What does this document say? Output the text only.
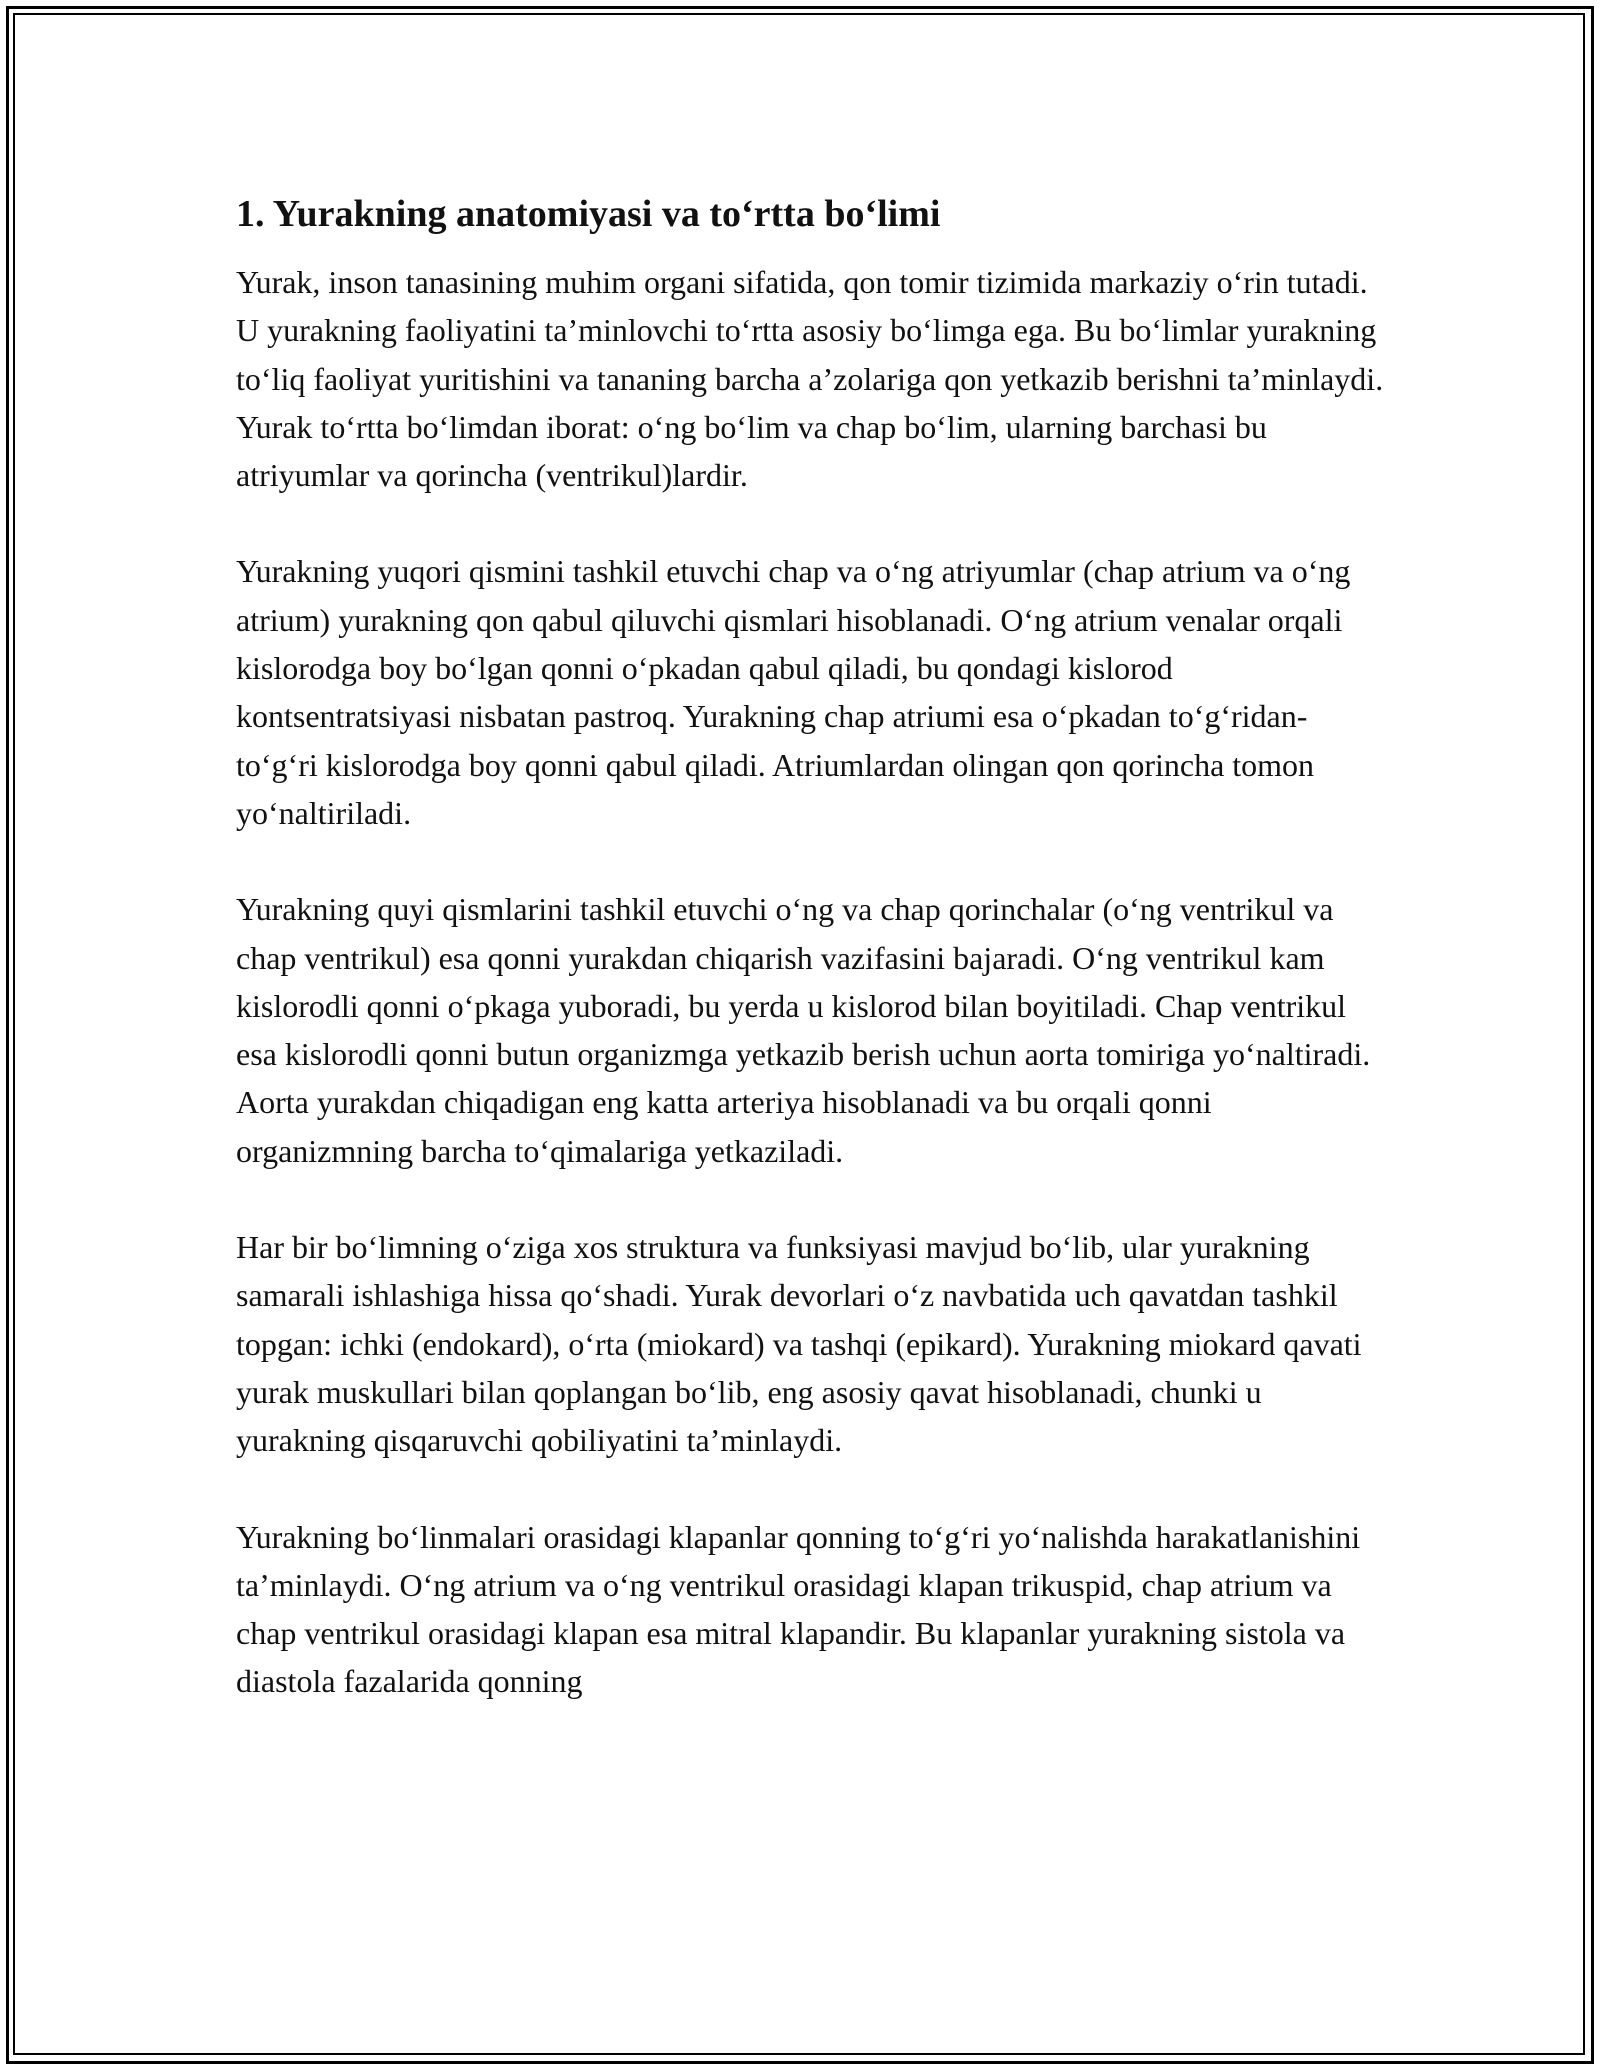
1. Yurakning anatomiyasi va to‘rtta bo‘limi

Yurak, inson tanasining muhim organi sifatida, qon tomir tizimida markaziy o‘rin tutadi. U yurakning faoliyatini ta’minlovchi to‘rtta asosiy bo‘limga ega. Bu bo‘limlar yurakning to‘liq faoliyat yuritishini va tananing barcha a’zolariga qon yetkazib berishni ta’minlaydi. Yurak to‘rtta bo‘limdan iborat: o‘ng bo‘lim va chap bo‘lim, ularning barchasi bu atriyumlar va qorincha (ventrikul)lardir.

Yurakning yuqori qismini tashkil etuvchi chap va o‘ng atriyumlar (chap atrium va o‘ng atrium) yurakning qon qabul qiluvchi qismlari hisoblanadi. O‘ng atrium venalar orqali kislorodga boy bo‘lgan qonni o‘pkadan qabul qiladi, bu qondagi kislorod kontsentratsiyasi nisbatan pastroq. Yurakning chap atriumi esa o‘pkadan to‘g‘ridan-to‘g‘ri kislorodga boy qonni qabul qiladi. Atriumlardan olingan qon qorincha tomon yo‘naltiriladi.

Yurakning quyi qismlarini tashkil etuvchi o‘ng va chap qorinchalar (o‘ng ventrikul va chap ventrikul) esa qonni yurakdan chiqarish vazifasini bajaradi. O‘ng ventrikul kam kislorodli qonni o‘pkaga yuboradi, bu yerda u kislorod bilan boyitiladi. Chap ventrikul esa kislorodli qonni butun organizmga yetkazib berish uchun aorta tomiriga yo‘naltiradi. Aorta yurakdan chiqadigan eng katta arteriya hisoblanadi va bu orqali qonni organizmning barcha to‘qimalariga yetkaziladi.

Har bir bo‘limning o‘ziga xos struktura va funksiyasi mavjud bo‘lib, ular yurakning samarali ishlashiga hissa qo‘shadi. Yurak devorlari o‘z navbatida uch qavatdan tashkil topgan: ichki (endokard), o‘rta (miokard) va tashqi (epikard). Yurakning miokard qavati yurak muskullari bilan qoplangan bo‘lib, eng asosiy qavat hisoblanadi, chunki u yurakning qisqaruvchi qobiliyatini ta’minlaydi.

Yurakning bo‘linmalari orasidagi klapanlar qonning to‘g‘ri yo‘nalishda harakatlanishini ta’minlaydi. O‘ng atrium va o‘ng ventrikul orasidagi klapan trikuspid, chap atrium va chap ventrikul orasidagi klapan esa mitral klapandir. Bu klapanlar yurakning sistola va diastola fazalarida qonning
